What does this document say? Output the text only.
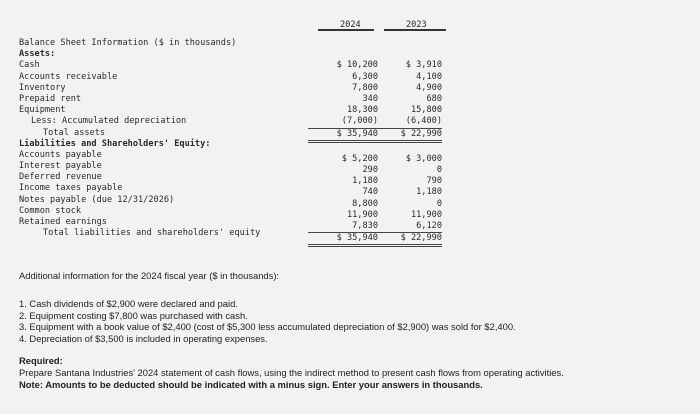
2024	2023
Balance Sheet Information ($ in thousands)
Assets:
Cash
Accounts receivable
Inventory
Prepaid rent
Equipment
Less: Accumulated depreciation
Total assets
Liabilities and Shareholders' Equity:
Accounts payable
Interest payable
Deferred revenue
Income taxes payable
Notes payable (due 12/31/2026)
Common stock
Retained earnings
Total liabilities and shareholders' equity
$ 10,200
6,300
7,800
340
18,300
(7,000)
$ 35,940
$ 5,200
290
1,180
740
8,800
11,900
7,830
$ 35,940
$ 3,910
4,100
4,900
680
15,800
(6,400)
$ 22,990
$ 3,000
0
790
1,180
0
11,900
6,120
$ 22,990

Additional information for the 2024 fiscal year ($ in thousands):

1. Cash dividends of $2,900 were declared and paid.

2. Equipment costing $7,800 was purchased with cash.

3. Equipment with a book value of $2,400 (cost of $5,300 less accumulated depreciation of $2,900) was sold for $2,400.

4. Depreciation of $3,500 is included in operating expenses.

Required:

Prepare Santana Industries' 2024 statement of cash flows, using the indirect method to present cash flows from operating activities.

Note: Amounts to be deducted should be indicated with a minus sign. Enter your answers in thousands.
